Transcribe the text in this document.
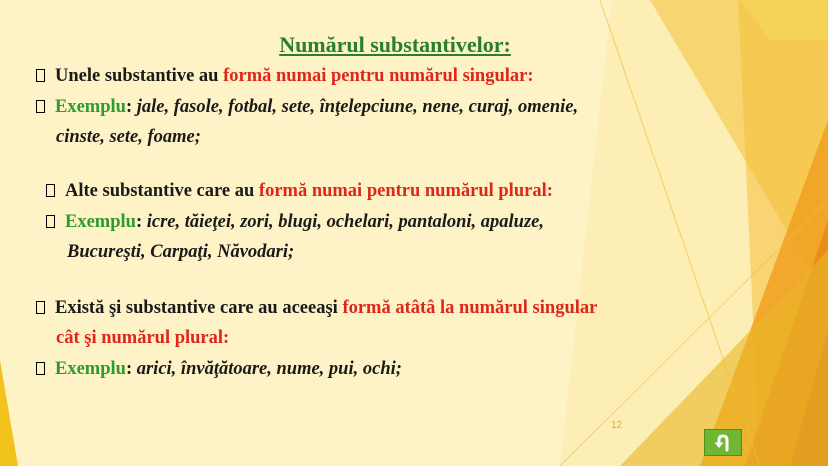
Numărul substantivelor:
Unele substantive au formă numai pentru numărul singular:
Exemplu: jale, fasole, fotbal, sete, înţelepciune, nene, curaj, omenie,
cinste, sete, foame;
Alte substantive care au formă numai pentru numărul plural:
Exemplu: icre, tăieţei, zori, blugi, ochelari, pantaloni, apaluze,
Bucureşti, Carpaţi, Năvodari;
Există şi substantive care au aceeaşi formă atâtâ la numărul singular
cât şi numărul plural:
Exemplu: arici, învăţătoare, nume, pui, ochi;
12
